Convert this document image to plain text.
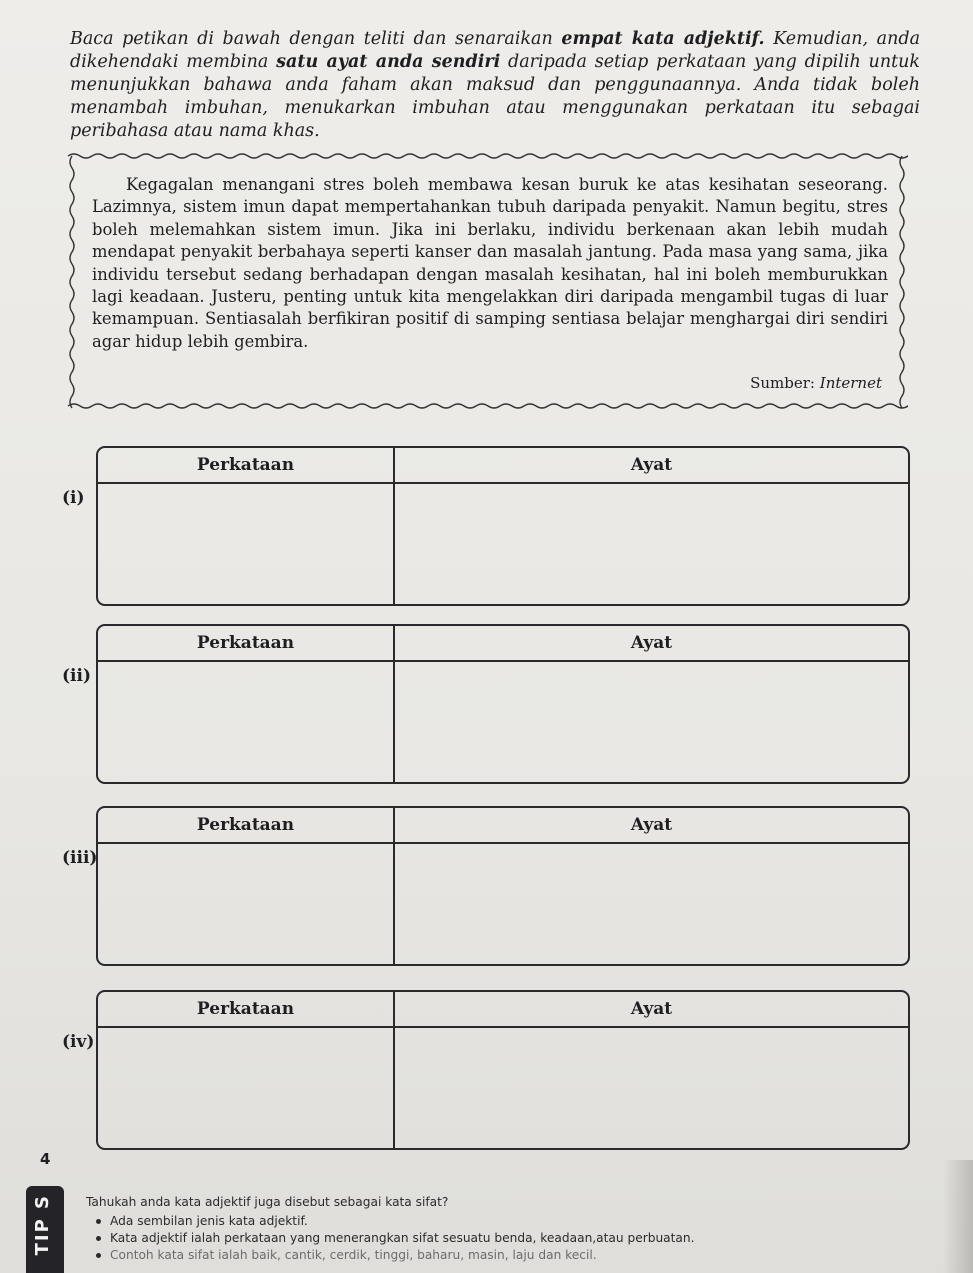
Baca petikan di bawah dengan teliti dan senaraikan empat kata adjektif. Kemudian, anda dikehendaki membina satu ayat anda sendiri daripada setiap perkataan yang dipilih untuk menunjukkan bahawa anda faham akan maksud dan penggunaannya. Anda tidak boleh menambah imbuhan, menukarkan imbuhan atau menggunakan perkataan itu sebagai peribahasa atau nama khas.

Kegagalan menangani stres boleh membawa kesan buruk ke atas kesihatan seseorang. Lazimnya, sistem imun dapat mempertahankan tubuh daripada penyakit. Namun begitu, stres boleh melemahkan sistem imun. Jika ini berlaku, individu berkenaan akan lebih mudah mendapat penyakit berbahaya seperti kanser dan masalah jantung. Pada masa yang sama, jika individu tersebut sedang berhadapan dengan masalah kesihatan, hal ini boleh memburukkan lagi keadaan. Justeru, penting untuk kita mengelakkan diri daripada mengambil tugas di luar kemampuan. Sentiasalah berfikiran positif di samping sentiasa belajar menghargai diri sendiri agar hidup lebih gembira.

Sumber: Internet
(i)
Perkataan	Ayat

(ii)
Perkataan	Ayat

(iii)
Perkataan	Ayat

(iv)
Perkataan	Ayat

4
TIP S	Tahukah anda kata adjektif juga disebut sebagai kata sifat?
Ada sembilan jenis kata adjektif.
Kata adjektif ialah perkataan yang menerangkan sifat sesuatu benda, keadaan,atau perbuatan.
Contoh kata sifat ialah baik, cantik, cerdik, tinggi, baharu, masin, laju dan kecil.
